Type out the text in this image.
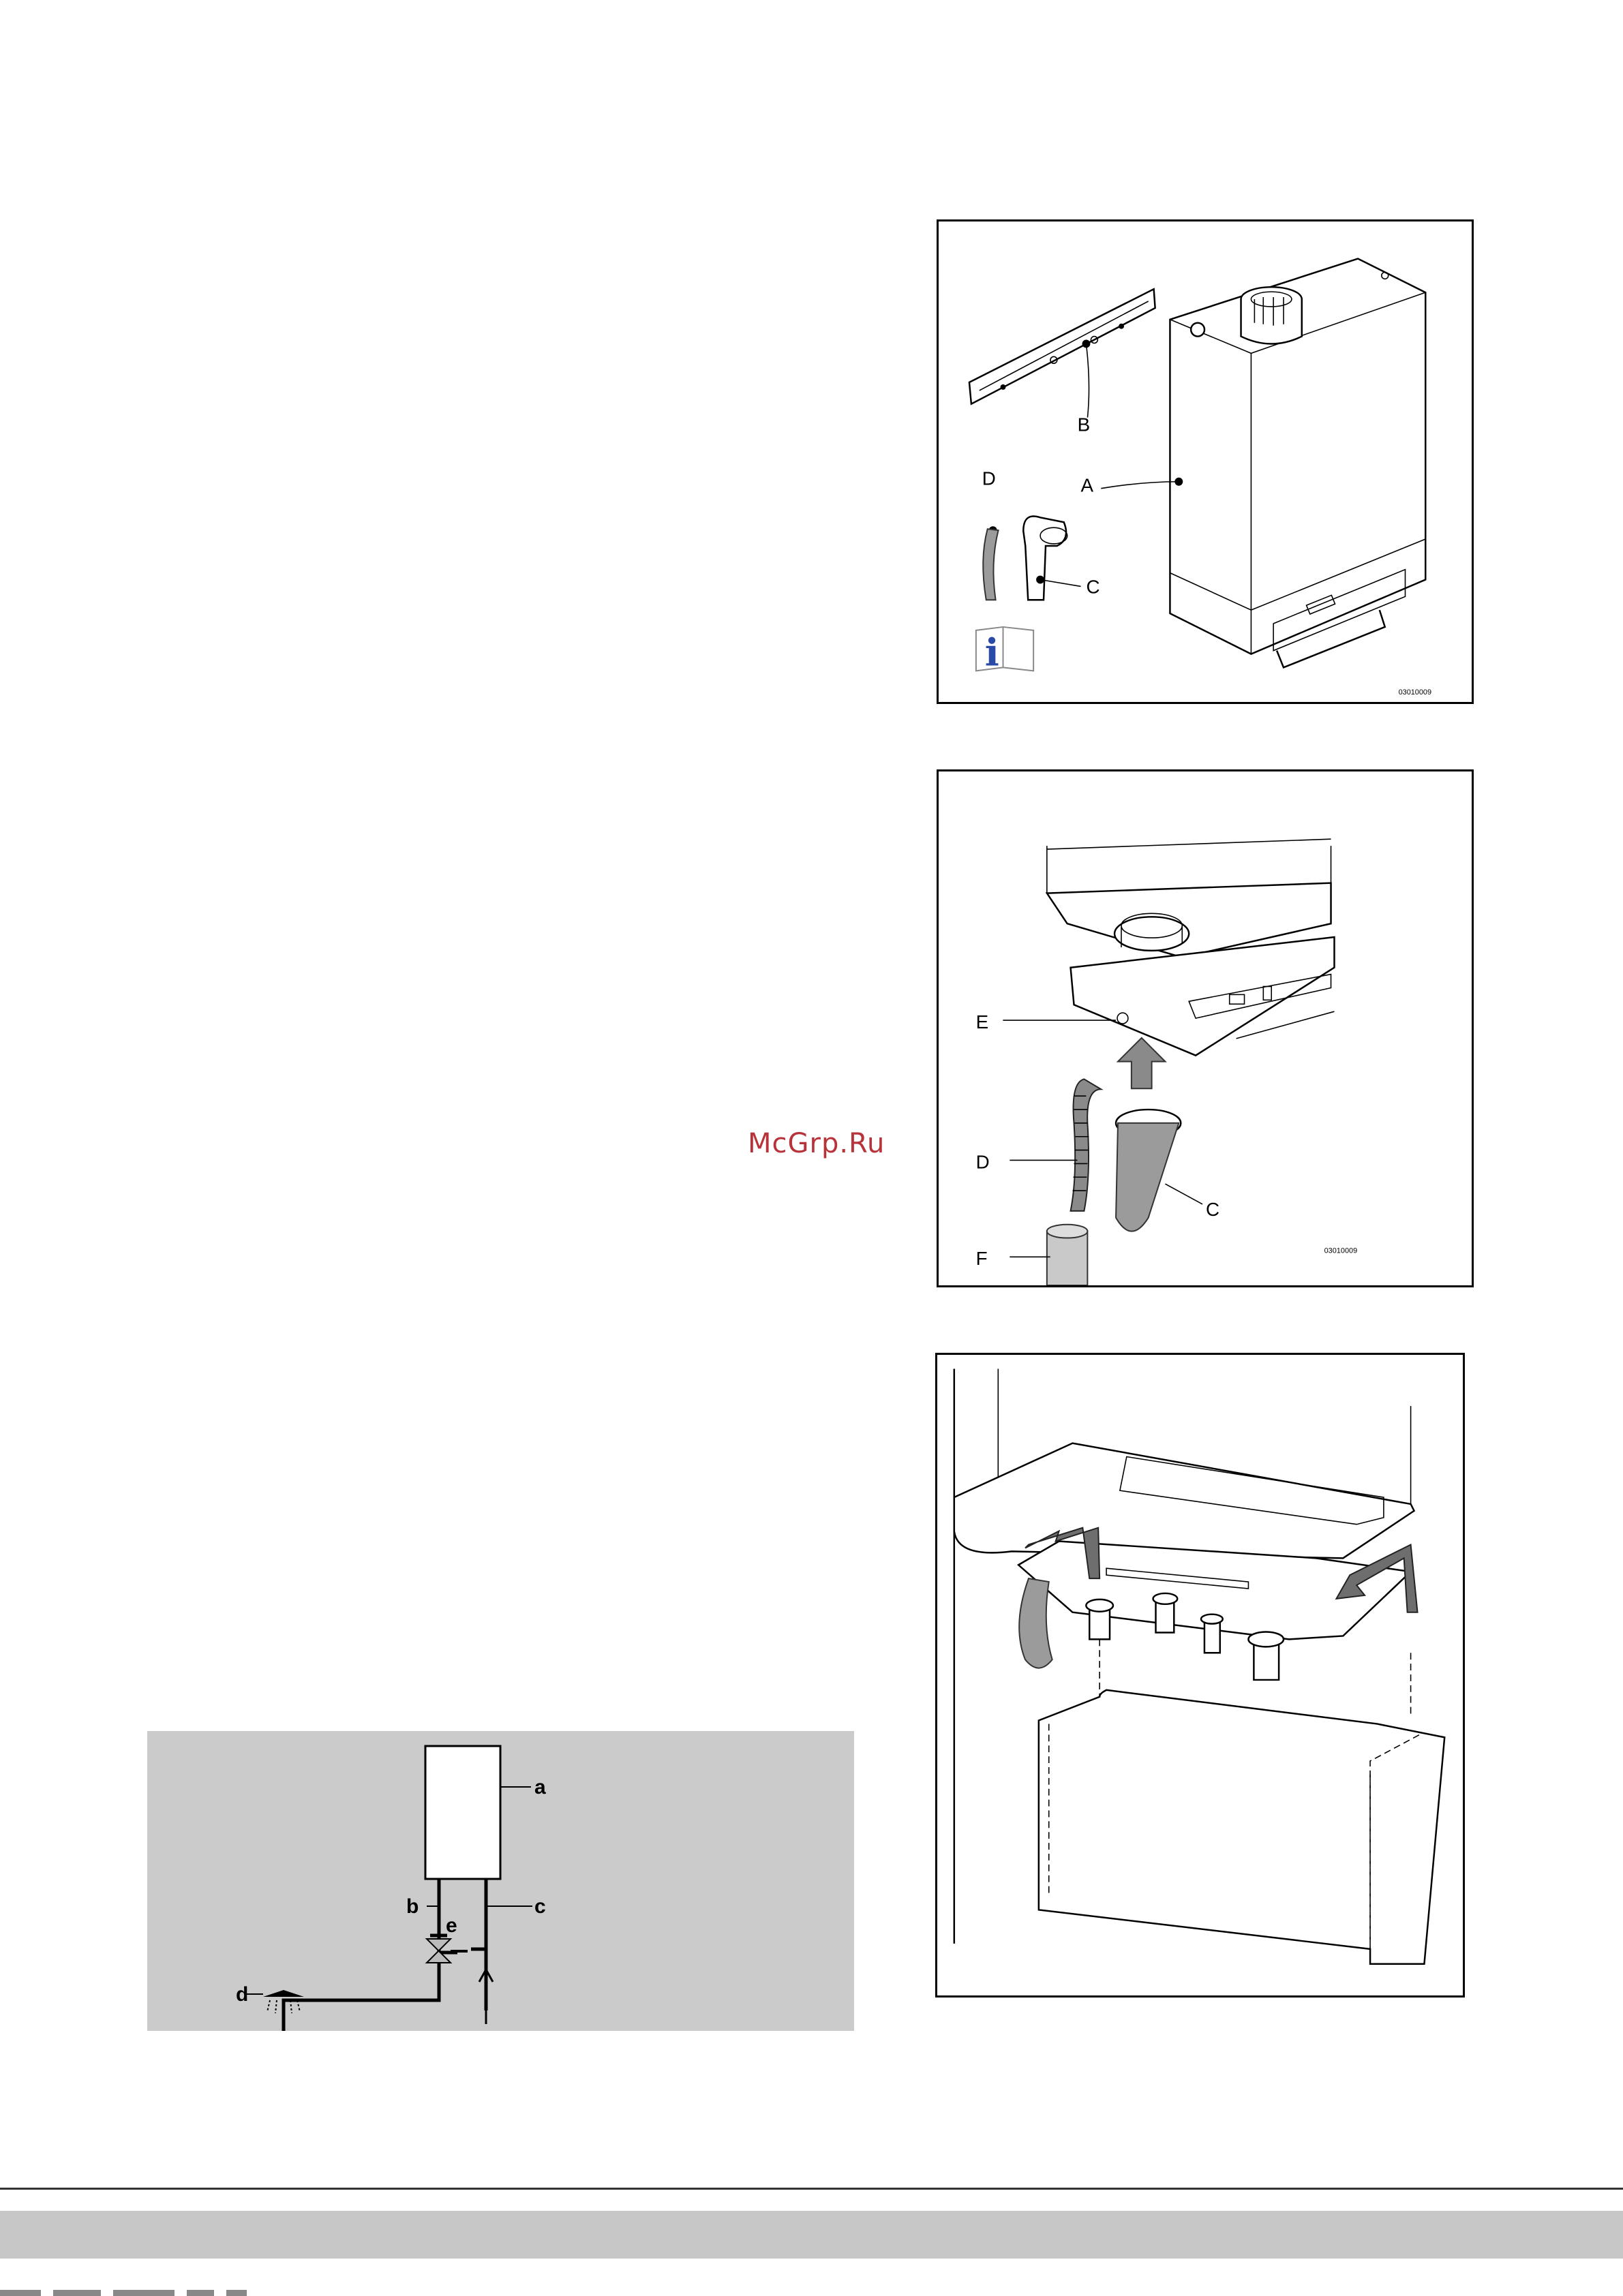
B
A
D
C
i
03010009
E
C
D
F	03010009
McGrp.Ru
a
e
b	c
d
